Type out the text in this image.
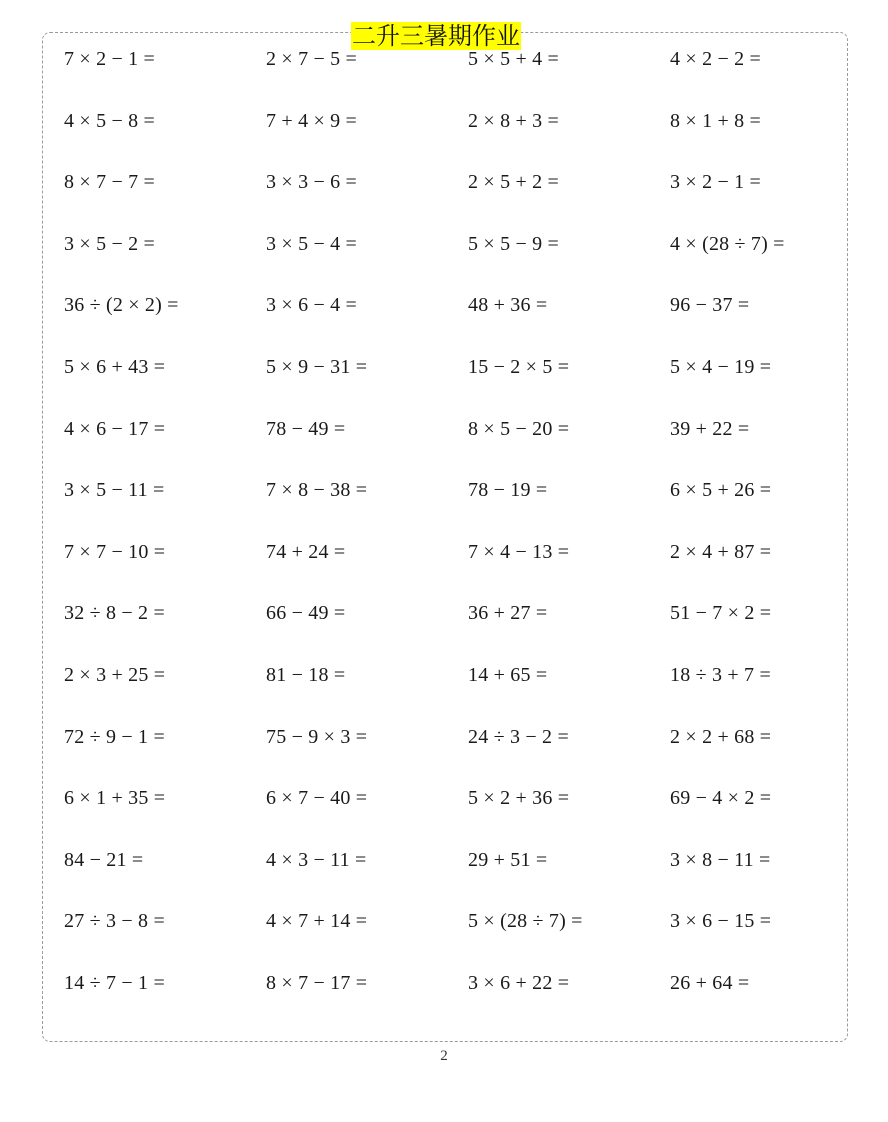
二升三暑期作业
7 × 2 − 1 =	2 × 7 − 5 =	5 × 5 + 4 =	4 × 2 − 2 =
4 × 5 − 8 =	7 + 4 × 9 =	2 × 8 + 3 =	8 × 1 + 8 =
8 × 7 − 7 =	3 × 3 − 6 =	2 × 5 + 2 =	3 × 2 − 1 =
3 × 5 − 2 =	3 × 5 − 4 =	5 × 5 − 9 =	4 × (28 ÷ 7) =
36 ÷ (2 × 2) =	3 × 6 − 4 =	48 + 36 =	96 − 37 =
5 × 6 + 43 =	5 × 9 − 31 =	15 − 2 × 5 =	5 × 4 − 19 =
4 × 6 − 17 =	78 − 49 =	8 × 5 − 20 =	39 + 22 =
3 × 5 − 11 =	7 × 8 − 38 =	78 − 19 =	6 × 5 + 26 =
7 × 7 − 10 =	74 + 24 =	7 × 4 − 13 =	2 × 4 + 87 =
32 ÷ 8 − 2 =	66 − 49 =	36 + 27 =	51 − 7 × 2 =
2 × 3 + 25 =	81 − 18 =	14 + 65 =	18 ÷ 3 + 7 =
72 ÷ 9 − 1 =	75 − 9 × 3 =	24 ÷ 3 − 2 =	2 × 2 + 68 =
6 × 1 + 35 =	6 × 7 − 40 =	5 × 2 + 36 =	69 − 4 × 2 =
84 − 21 =	4 × 3 − 11 =	29 + 51 =	3 × 8 − 11 =
27 ÷ 3 − 8 =	4 × 7 + 14 =	5 × (28 ÷ 7) =	3 × 6 − 15 =
14 ÷ 7 − 1 =	8 × 7 − 17 =	3 × 6 + 22 =	26 + 64 =
2
